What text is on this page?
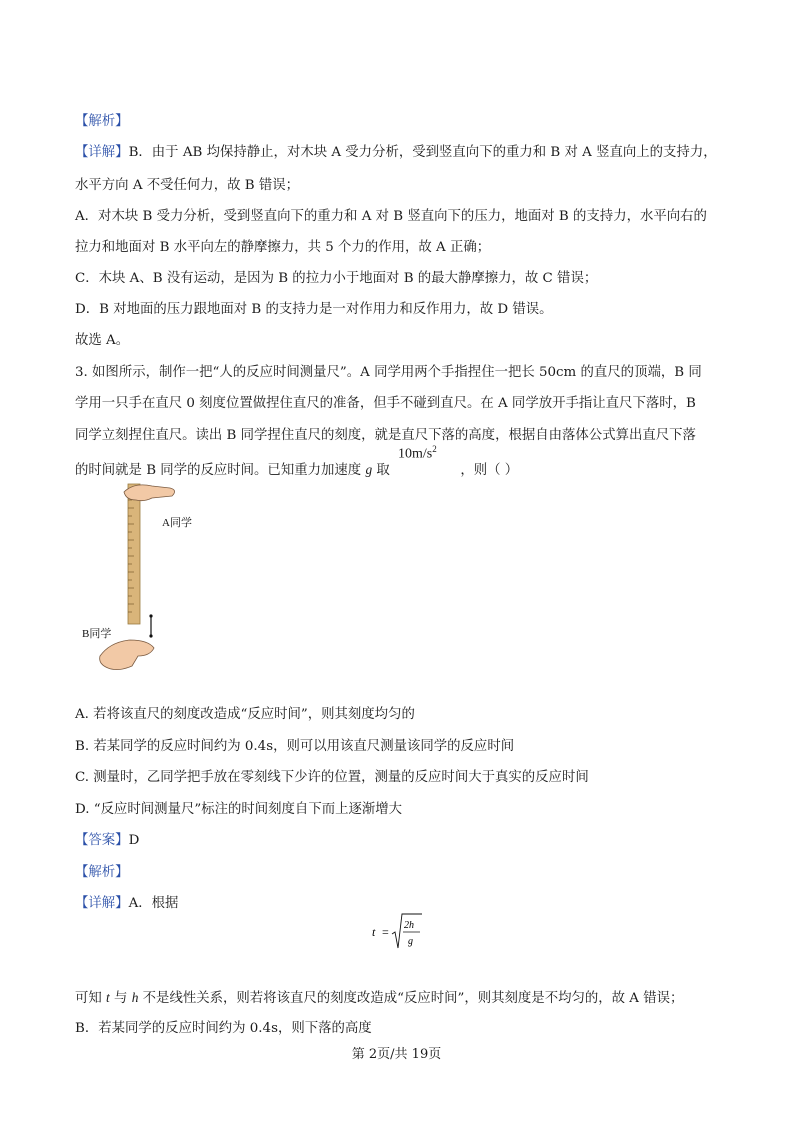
【解析】
【详解】B．由于 AB 均保持静止，对木块 A 受力分析，受到竖直向下的重力和 B 对 A 竖直向上的支持力，
水平方向 A 不受任何力，故 B 错误；
A．对木块 B 受力分析，受到竖直向下的重力和 A 对 B 竖直向下的压力，地面对 B 的支持力，水平向右的
拉力和地面对 B 水平向左的静摩擦力，共 5 个力的作用，故 A 正确；
C．木块 A、B 没有运动，是因为 B 的拉力小于地面对 B 的最大静摩擦力，故 C 错误；
D．B 对地面的压力跟地面对 B 的支持力是一对作用力和反作用力，故 D 错误。
故选 A。
3. 如图所示，制作一把“人的反应时间测量尺”。A 同学用两个手指捏住一把长 50cm 的直尺的顶端，B 同
学用一只手在直尺 0 刻度位置做捏住直尺的准备，但手不碰到直尺。在 A 同学放开手指让直尺下落时，B
同学立刻捏住直尺。读出 B 同学捏住直尺的刻度，就是直尺下落的高度，根据自由落体公式算出直尺下落
的时间就是 B 同学的反应时间。已知重力加速度 g 取	，则（ ）
$10m/s^2$
A同学
B同学
A. 若将该直尺的刻度改造成“反应时间”，则其刻度均匀的
B. 若某同学的反应时间约为 0.4s，则可以用该直尺测量该同学的反应时间
C. 测量时，乙同学把手放在零刻线下少许的位置，测量的反应时间大于真实的反应时间
D. “反应时间测量尺”标注的时间刻度自下而上逐渐增大
【答案】D
【解析】
【详解】A．根据
t = 2h
g
可知 t 与 h 不是线性关系，则若将该直尺的刻度改造成“反应时间”，则其刻度是不均匀的，故 A 错误；
B．若某同学的反应时间约为 0.4s，则下落的高度
第 2页/共 19页
